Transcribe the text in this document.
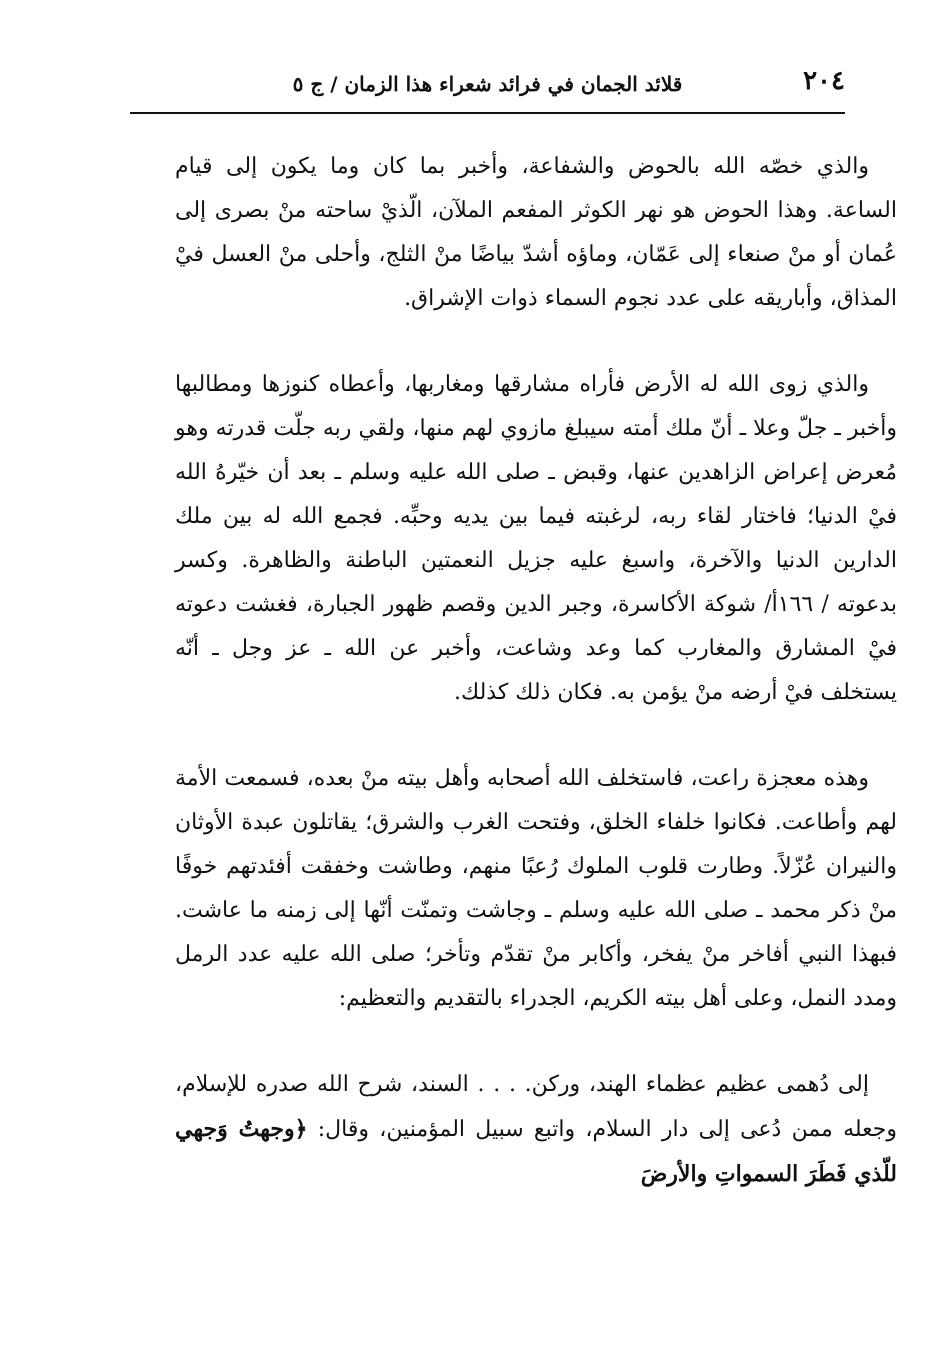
٢٠٤
قلائد الجمان في فرائد شعراء هذا الزمان / ج ٥

والذي خصّه الله بالحوض والشفاعة، وأخبر بما كان وما يكون إلى قيام الساعة. وهذا الحوض هو نهر الكوثر المفعم الملآن، الّذيْ ساحته منْ بصرى إلى عُمان أو منْ صنعاء إلى عَمّان، وماؤه أشدّ بياضًا منْ الثلج، وأحلى منْ العسل فيْ المذاق، وأباريقه على عدد نجوم السماء ذوات الإشراق.

والذي زوى الله له الأرض فأراه مشارقها ومغاربها، وأعطاه كنوزها ومطالبها وأخبر ـ جلّ وعلا ـ أنّ ملك أمته سيبلغ مازوي لهم منها، ولقي ربه جلّت قدرته وهو مُعرض إعراض الزاهدين عنها، وقبض ـ صلى الله عليه وسلم ـ بعد أن خيّرهُ الله فيْ الدنيا؛ فاختار لقاء ربه، لرغبته فيما بين يديه وحبِّه. فجمع الله له بين ملك الدارين الدنيا والآخرة، واسبغ عليه جزيل النعمتين الباطنة والظاهرة. وكسر بدعوته / ١٦٦أ/ شوكة الأكاسرة، وجبر الدين وقصم ظهور الجبارة، فغشت دعوته فيْ المشارق والمغارب كما وعد وشاعت، وأخبر عن الله ـ عز وجل ـ أنّه يستخلف فيْ أرضه منْ يؤمن به. فكان ذلك كذلك.

وهذه معجزة راعت، فاستخلف الله أصحابه وأهل بيته منْ بعده، فسمعت الأمة لهم وأطاعت. فكانوا خلفاء الخلق، وفتحت الغرب والشرق؛ يقاتلون عبدة الأوثان والنيران عُزّلاً. وطارت قلوب الملوك رُعبًا منهم، وطاشت وخفقت أفئدتهم خوفًا منْ ذكر محمد ـ صلى الله عليه وسلم ـ وجاشت وتمنّت أنّها إلى زمنه ما عاشت. فبهذا النبي أفاخر منْ يفخر، وأكابر منْ تقدّم وتأخر؛ صلى الله عليه عدد الرمل ومدد النمل، وعلى أهل بيته الكريم، الجدراء بالتقديم والتعظيم:

إلى دُهمى عظيم عظماء الهند، وركن. . . . السند، شرح الله صدره للإسلام، وجعله ممن دُعى إلى دار السلام، واتبع سبيل المؤمنين، وقال: ﴿وجهتُ وَجهي للّذي فَطَرَ السمواتِ والأرضَ
